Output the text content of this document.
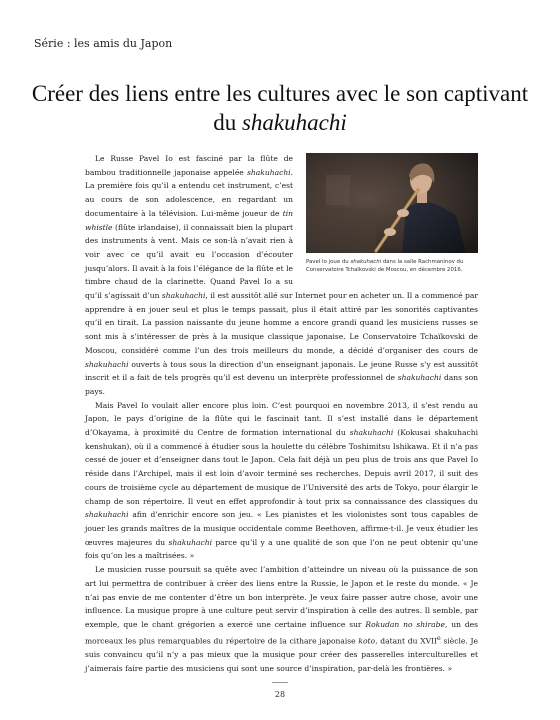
Série : les amis du Japon
Créer des liens entre les cultures avec le son captivant du shakuhachi
Pavel Io joue du shakuhachi dans la salle Rachmaninov du Conservatoire Tchaïkovski de Moscou, en décembre 2016.

Le Russe Pavel Io est fasciné par la flûte de bambou traditionnelle japonaise appelée shakuhachi. La première fois qu’il a entendu cet instrument, c’est au cours de son adolescence, en regardant un documentaire à la télévision. Lui-même joueur de tin whistle (flûte irlandaise), il connaissait bien la plupart des instruments à vent. Mais ce son-là n’avait rien à voir avec ce qu’il avait eu l’occasion d’écouter jusqu’alors. Il avait à la fois l’élégance de la flûte et le timbre chaud de la clarinette. Quand Pavel Io a su qu’il s’agissait d’un shakuhachi, il est aussitôt allé sur Internet pour en acheter un. Il a commencé par apprendre à en jouer seul et plus le temps passait, plus il était attiré par les sonorités captivantes qu’il en tirait. La passion naissante du jeune homme a encore grandi quand les musiciens russes se sont mis à s’intéresser de près à la musique classique japonaise. Le Conservatoire Tchaïkovski de Moscou, considéré comme l’un des trois meilleurs du monde, a décidé d’organiser des cours de shakuhachi ouverts à tous sous la direction d’un enseignant japonais. Le jeune Russe s’y est aussitôt inscrit et il a fait de tels progrès qu’il est devenu un interprète professionnel de shakuhachi dans son pays.

Mais Pavel Io voulait aller encore plus loin. C’est pourquoi en novembre 2013, il s’est rendu au Japon, le pays d’origine de la flûte qui le fascinait tant. Il s’est installé dans le département d’Okayama, à proximité du Centre de formation international du shakuhachi (Kokusai shakuhachi kenshukan), où il a commencé à étudier sous la houlette du célèbre Toshimitsu Ishikawa. Et il n’a pas cessé de jouer et d’enseigner dans tout le Japon. Cela fait déjà un peu plus de trois ans que Pavel Io réside dans l’Archipel, mais il est loin d’avoir terminé ses recherches. Depuis avril 2017, il suit des cours de troisième cycle au département de musique de l’Université des arts de Tokyo, pour élargir le champ de son répertoire. Il veut en effet approfondir à tout prix sa connaissance des classiques du shakuhachi afin d’enrichir encore son jeu. « Les pianistes et les violonistes sont tous capables de jouer les grands maîtres de la musique occidentale comme Beethoven, affirme-t-il. Je veux étudier les œuvres majeures du shakuhachi parce qu’il y a une qualité de son que l’on ne peut obtenir qu’une fois qu’on les a maîtrisées. »

Le musicien russe poursuit sa quête avec l’ambition d’atteindre un niveau où la puissance de son art lui permettra de contribuer à créer des liens entre la Russie, le Japon et le reste du monde. « Je n’ai pas envie de me contenter d’être un bon interprète. Je veux faire passer autre chose, avoir une influence. La musique propre à une culture peut servir d’inspiration à celle des autres. Il semble, par exemple, que le chant grégorien a exercé une certaine influence sur Rokudan no shirabe, un des morceaux les plus remarquables du répertoire de la cithare japonaise koto, datant du XVIIe siècle. Je suis convaincu qu’il n’y a pas mieux que la musique pour créer des passerelles interculturelles et j’aimerais faire partie des musiciens qui sont une source d’inspiration, par-delà les frontières. »

28
